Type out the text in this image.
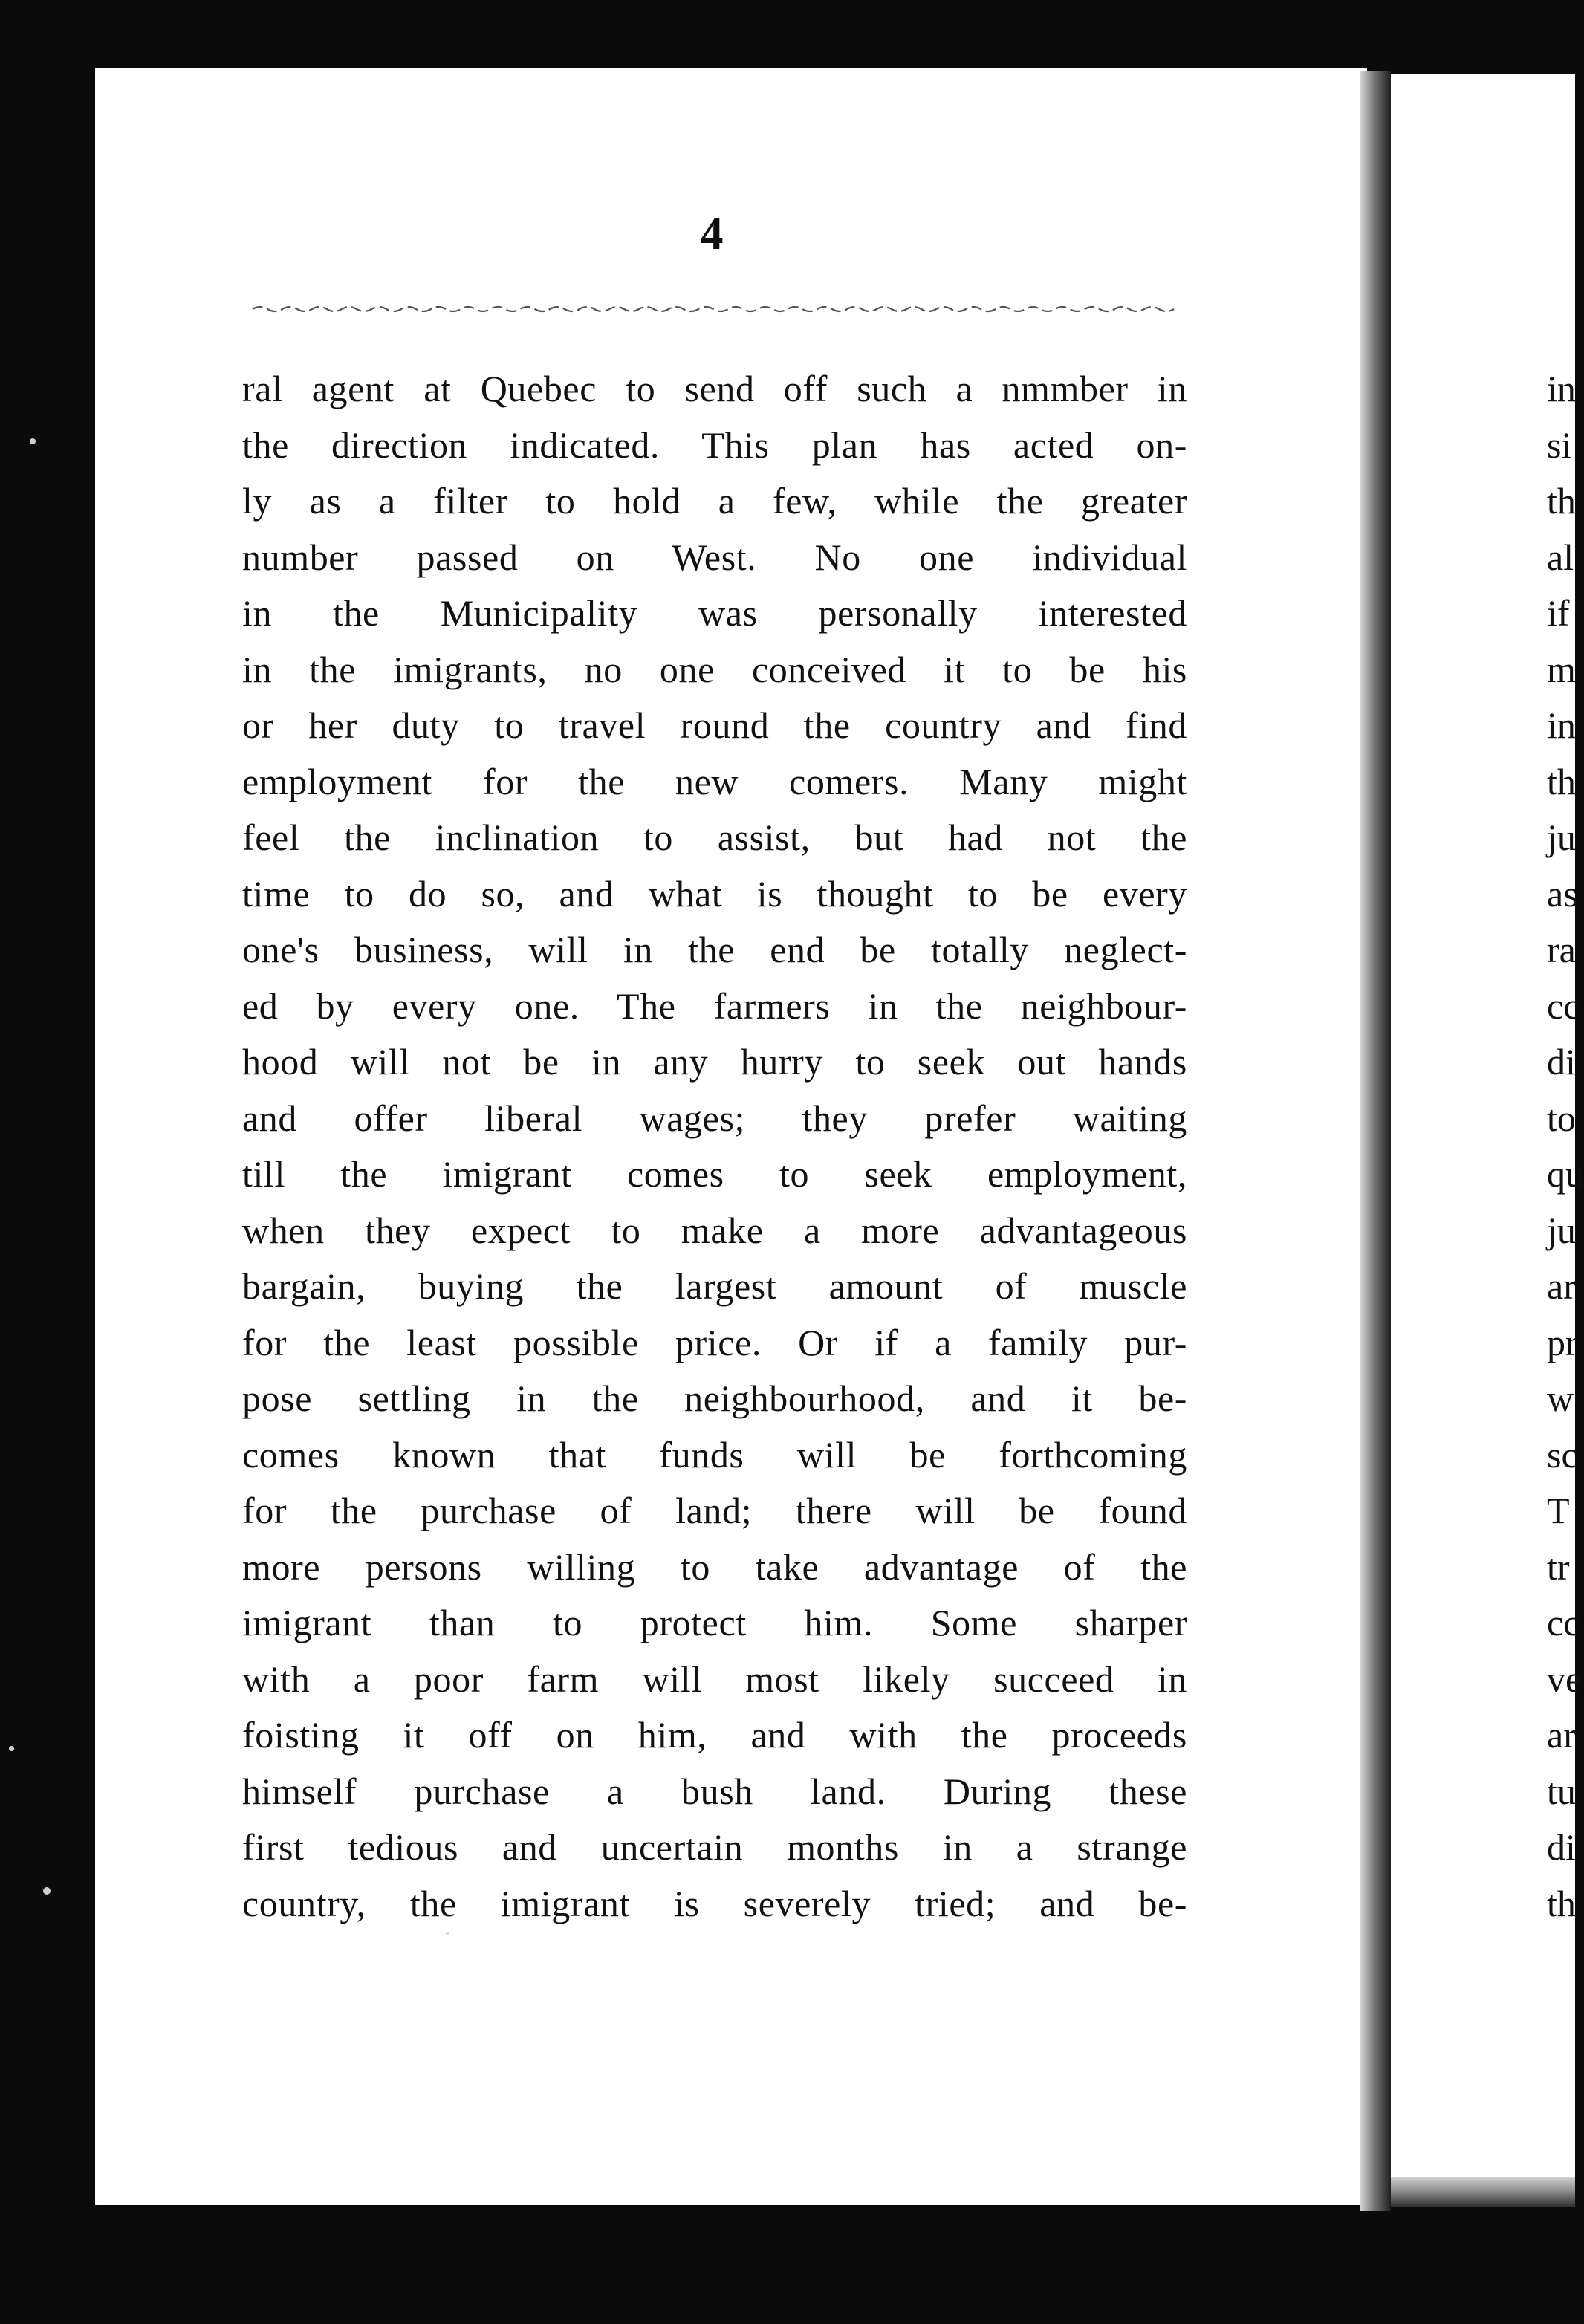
4
ral agent at Quebec to send off such a nmmber in
the direction indicated. This plan has acted on-
ly as a filter to hold a few, while the greater
number passed on West. No one individual
in the Municipality was personally interested
in the imigrants, no one conceived it to be his
or her duty to travel round the country and find
employment for the new comers. Many might
feel the inclination to assist, but had not the
time to do so, and what is thought to be every
one's business, will in the end be totally neglect-
ed by every one. The farmers in the neighbour-
hood will not be in any hurry to seek out hands
and offer liberal wages; they prefer waiting
till the imigrant comes to seek employment,
when they expect to make a more advantageous
bargain, buying the largest amount of muscle
for the least possible price. Or if a family pur-
pose settling in the neighbourhood, and it be-
comes known that funds will be forthcoming
for the purchase of land; there will be found
more persons willing to take advantage of the
imigrant than to protect him. Some sharper
with a poor farm will most likely succeed in
foisting it off on him, and with the proceeds
himself purchase a bush land. During these
first tedious and uncertain months in a strange
country, the imigrant is severely tried; and be-
in
si
th
al
if
m
in
th
ju
as
ra
cc
di
to
qu
ju
ar
pr
w
sc
T
tr
cc
ve
ar
tu
di
th
